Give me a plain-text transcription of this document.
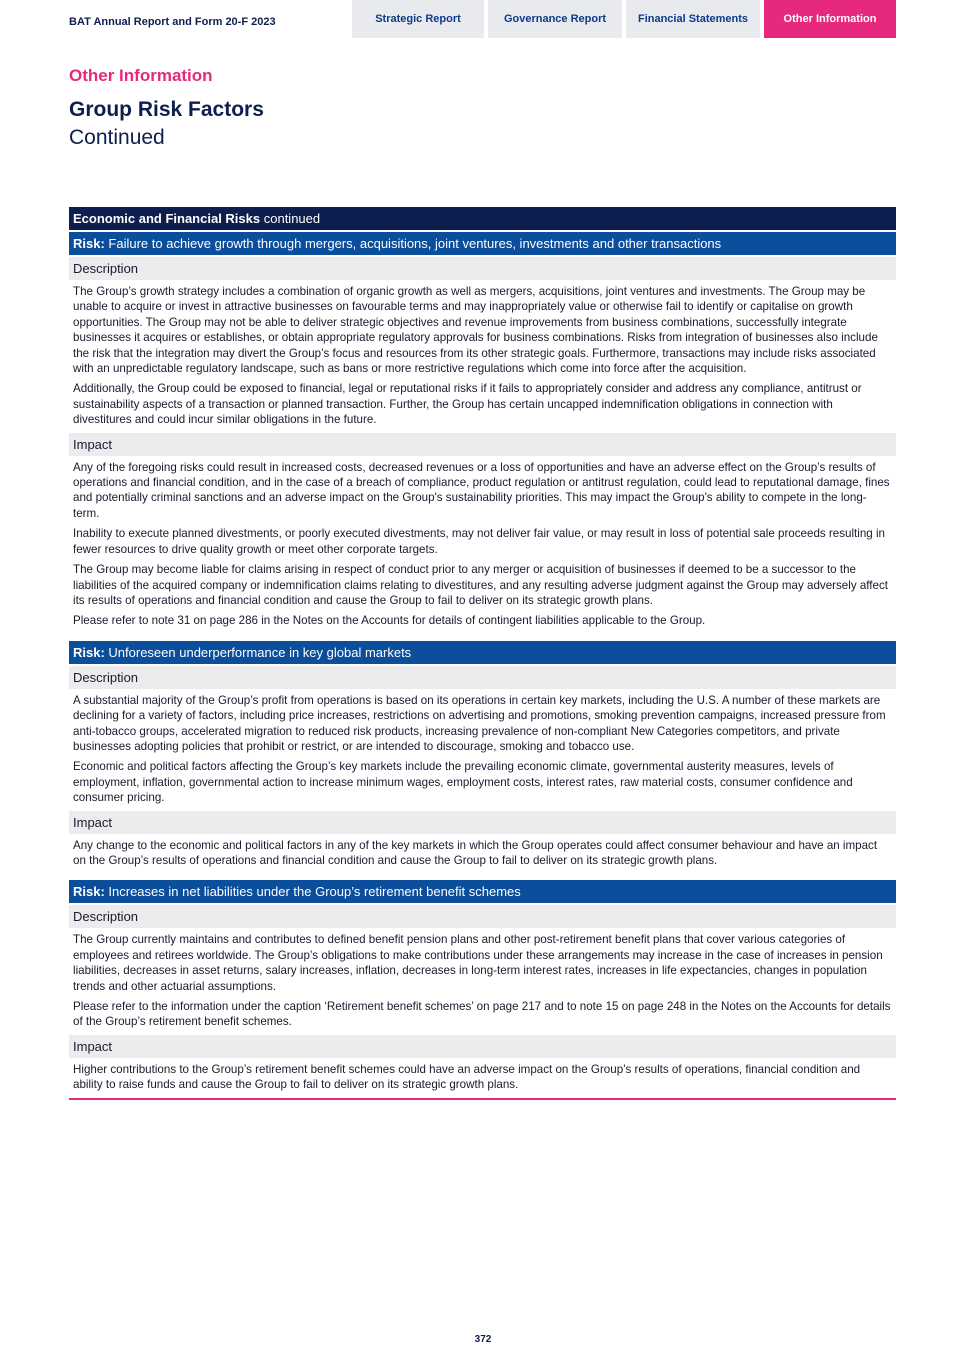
BAT Annual Report and Form 20-F 2023	Strategic Report	Governance Report	Financial Statements	Other Information
Other Information
Group Risk Factors
Continued
Economic and Financial Risks continued
Risk: Failure to achieve growth through mergers, acquisitions, joint ventures, investments and other transactions
Description

The Group’s growth strategy includes a combination of organic growth as well as mergers, acquisitions, joint ventures and investments. The Group may be unable to acquire or invest in attractive businesses on favourable terms and may inappropriately value or otherwise fail to identify or capitalise on growth opportunities. The Group may not be able to deliver strategic objectives and revenue improvements from business combinations, successfully integrate businesses it acquires or establishes, or obtain appropriate regulatory approvals for business combinations. Risks from integration of businesses also include the risk that the integration may divert the Group’s focus and resources from its other strategic goals. Furthermore, transactions may include risks associated with an unpredictable regulatory landscape, such as bans or more restrictive regulations which come into force after the acquisition.

Additionally, the Group could be exposed to financial, legal or reputational risks if it fails to appropriately consider and address any compliance, antitrust or sustainability aspects of a transaction or planned transaction. Further, the Group has certain uncapped indemnification obligations in connection with divestitures and could incur similar obligations in the future.

Impact

Any of the foregoing risks could result in increased costs, decreased revenues or a loss of opportunities and have an adverse effect on the Group’s results of operations and financial condition, and in the case of a breach of compliance, product regulation or antitrust regulation, could lead to reputational damage, fines and potentially criminal sanctions and an adverse impact on the Group's sustainability priorities. This may impact the Group's ability to compete in the long-term.

Inability to execute planned divestments, or poorly executed divestments, may not deliver fair value, or may result in loss of potential sale proceeds resulting in fewer resources to drive quality growth or meet other corporate targets.

The Group may become liable for claims arising in respect of conduct prior to any merger or acquisition of businesses if deemed to be a successor to the liabilities of the acquired company or indemnification claims relating to divestitures, and any resulting adverse judgment against the Group may adversely affect its results of operations and financial condition and cause the Group to fail to deliver on its strategic growth plans.

Please refer to note 31 on page 286 in the Notes on the Accounts for details of contingent liabilities applicable to the Group.

Risk: Unforeseen underperformance in key global markets
Description

A substantial majority of the Group’s profit from operations is based on its operations in certain key markets, including the U.S. A number of these markets are declining for a variety of factors, including price increases, restrictions on advertising and promotions, smoking prevention campaigns, increased pressure from anti-tobacco groups, accelerated migration to reduced risk products, increasing prevalence of non-compliant New Categories competitors, and private businesses adopting policies that prohibit or restrict, or are intended to discourage, smoking and tobacco use.

Economic and political factors affecting the Group’s key markets include the prevailing economic climate, governmental austerity measures, levels of employment, inflation, governmental action to increase minimum wages, employment costs, interest rates, raw material costs, consumer confidence and consumer pricing.

Impact

Any change to the economic and political factors in any of the key markets in which the Group operates could affect consumer behaviour and have an impact on the Group’s results of operations and financial condition and cause the Group to fail to deliver on its strategic growth plans.

Risk: Increases in net liabilities under the Group’s retirement benefit schemes
Description

The Group currently maintains and contributes to defined benefit pension plans and other post-retirement benefit plans that cover various categories of employees and retirees worldwide. The Group’s obligations to make contributions under these arrangements may increase in the case of increases in pension liabilities, decreases in asset returns, salary increases, inflation, decreases in long-term interest rates, increases in life expectancies, changes in population trends and other actuarial assumptions.

Please refer to the information under the caption ‘Retirement benefit schemes’ on page 217 and to note 15 on page 248 in the Notes on the Accounts for details of the Group’s retirement benefit schemes.

Impact

Higher contributions to the Group’s retirement benefit schemes could have an adverse impact on the Group’s results of operations, financial condition and ability to raise funds and cause the Group to fail to deliver on its strategic growth plans.

372
